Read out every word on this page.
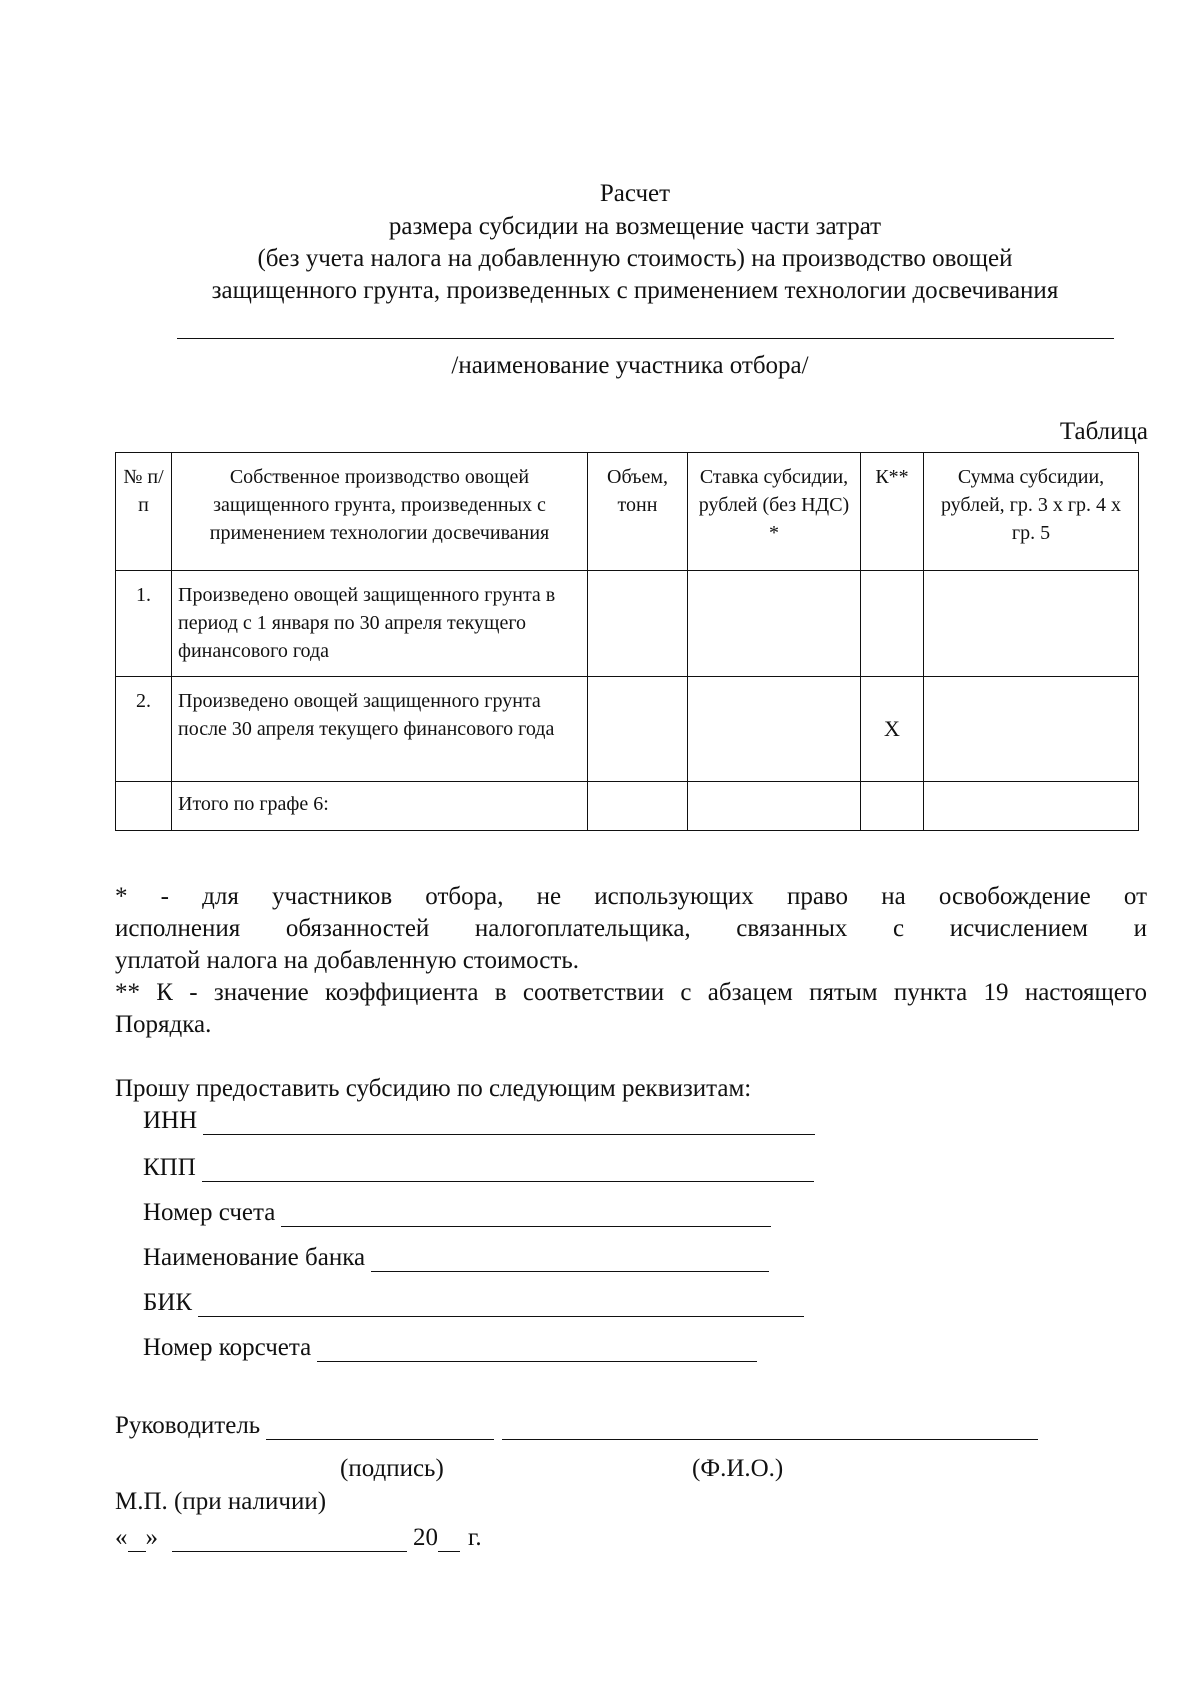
Расчет
размера субсидии на возмещение части затрат
(без учета налога на добавленную стоимость) на производство овощей
защищенного грунта, произведенных с применением технологии досвечивания
/наименование участника отбора/
Таблица
№ п/п	Собственное производство овощей защищенного грунта, произведенных с применением технологии досвечивания	Объем, тонн	Ставка субсидии, рублей (без НДС) *	К**	Сумма субсидии, рублей, гр. 3 х гр. 4 х гр. 5
1.	Произведено овощей защищенного грунта в период с 1 января по 30 апреля текущего финансового года				
2.	Произведено овощей защищенного грунта после 30 апреля текущего финансового года			Х	
	Итого по графе 6:				
* - для участников отбора, не использующих право на освобождение от
исполнения обязанностей налогоплательщика, связанных с исчислением и
уплатой налога на добавленную стоимость.
** К - значение коэффициента в соответствии с абзацем пятым пункта 19 настоящего
Порядка.
Прошу предоставить субсидию по следующим реквизитам:
ИНН
КПП
Номер счета
Наименование банка
БИК
Номер корсчета
Руководитель
(подпись)	(Ф.И.О.)
М.П. (при наличии)
« »	20 г.
